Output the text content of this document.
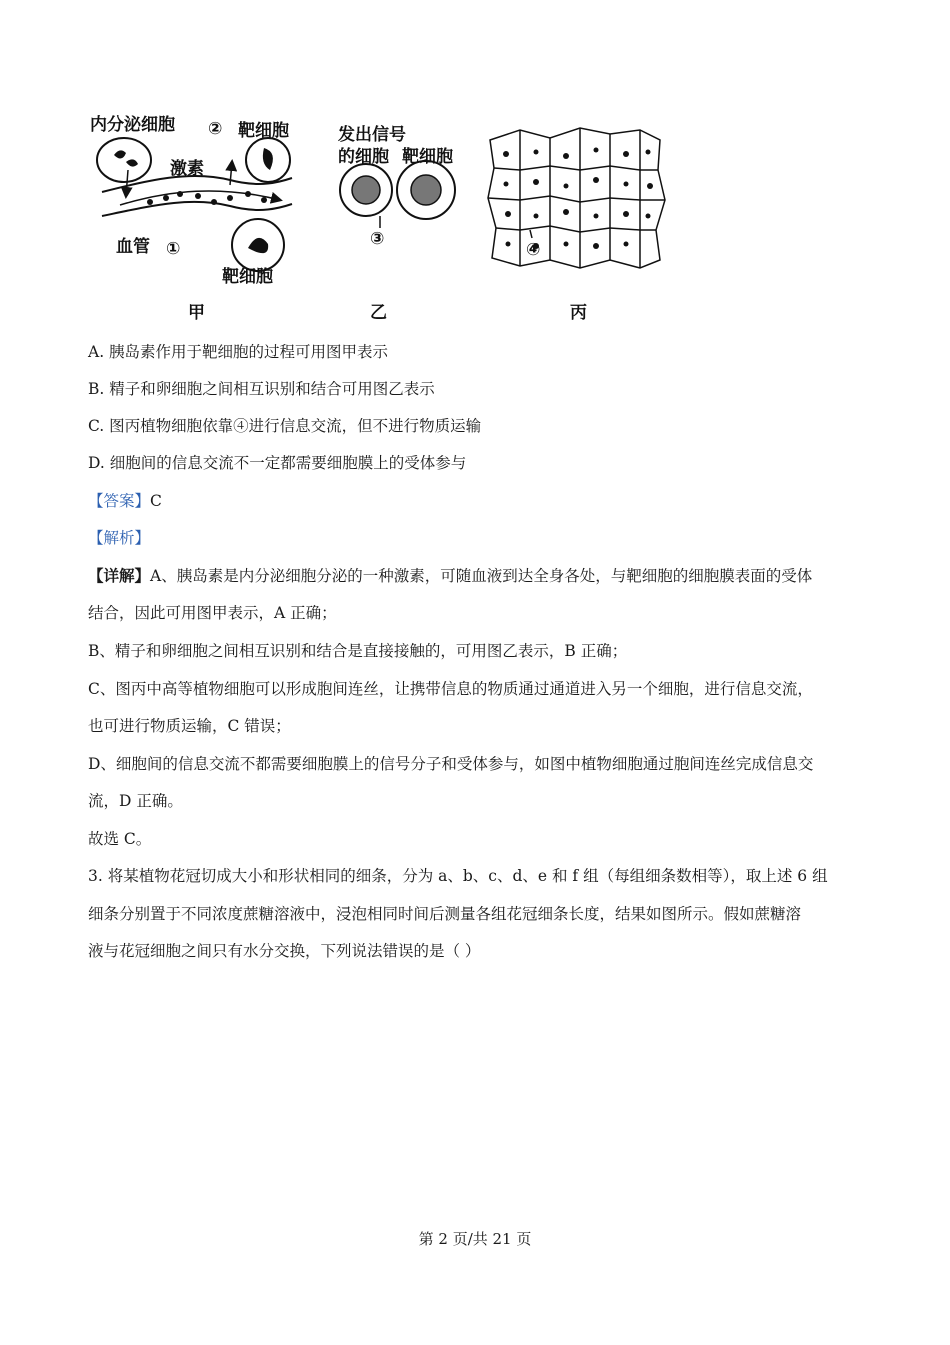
内分泌细胞
激素
② 靶细胞
血管 ①
靶细胞
甲
发出信号
的细胞 靶细胞
③
乙
④
丙
A. 胰岛素作用于靶细胞的过程可用图甲表示
B. 精子和卵细胞之间相互识别和结合可用图乙表示
C. 图丙植物细胞依靠④进行信息交流，但不进行物质运输
D. 细胞间的信息交流不一定都需要细胞膜上的受体参与
【答案】C
【解析】
【详解】A、胰岛素是内分泌细胞分泌的一种激素，可随血液到达全身各处，与靶细胞的细胞膜表面的受体
结合，因此可用图甲表示，A 正确；
B、精子和卵细胞之间相互识别和结合是直接接触的，可用图乙表示，B 正确；
C、图丙中高等植物细胞可以形成胞间连丝，让携带信息的物质通过通道进入另一个细胞，进行信息交流，
也可进行物质运输，C 错误；
D、细胞间的信息交流不都需要细胞膜上的信号分子和受体参与，如图中植物细胞通过胞间连丝完成信息交
流，D 正确。
故选 C。
3. 将某植物花冠切成大小和形状相同的细条，分为 a、b、c、d、e 和 f 组（每组细条数相等），取上述 6 组
细条分别置于不同浓度蔗糖溶液中，浸泡相同时间后测量各组花冠细条长度，结果如图所示。假如蔗糖溶
液与花冠细胞之间只有水分交换，下列说法错误的是（ ）
第 2 页/共 21 页
